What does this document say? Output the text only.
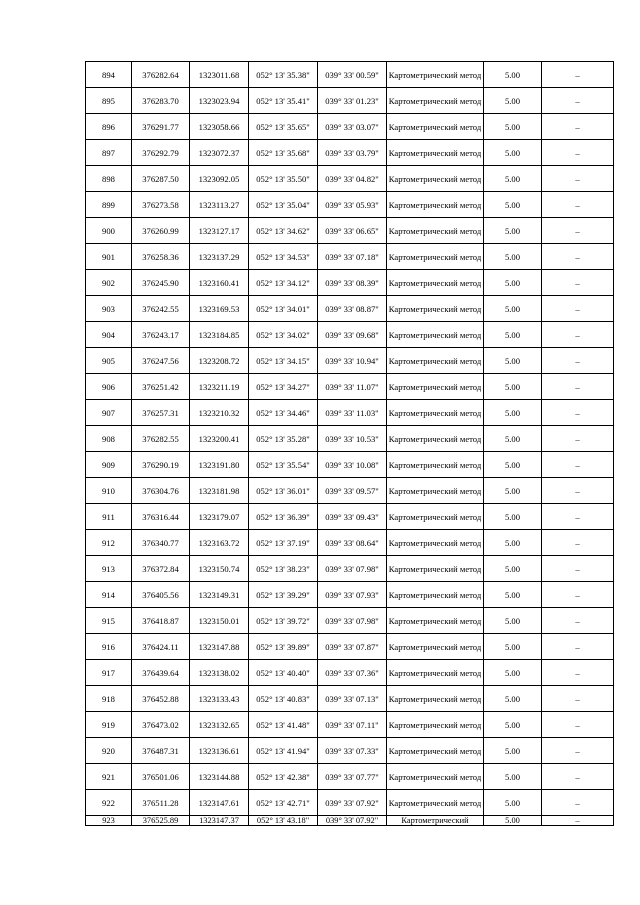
894	376282.64	1323011.68	052° 13' 35.38"	039° 33' 00.59"	Картометрический метод	5.00	–
895	376283.70	1323023.94	052° 13' 35.41"	039° 33' 01.23"	Картометрический метод	5.00	–
896	376291.77	1323058.66	052° 13' 35.65"	039° 33' 03.07"	Картометрический метод	5.00	–
897	376292.79	1323072.37	052° 13' 35.68"	039° 33' 03.79"	Картометрический метод	5.00	–
898	376287.50	1323092.05	052° 13' 35.50"	039° 33' 04.82"	Картометрический метод	5.00	–
899	376273.58	1323113.27	052° 13' 35.04"	039° 33' 05.93"	Картометрический метод	5.00	–
900	376260.99	1323127.17	052° 13' 34.62"	039° 33' 06.65"	Картометрический метод	5.00	–
901	376258.36	1323137.29	052° 13' 34.53"	039° 33' 07.18"	Картометрический метод	5.00	–
902	376245.90	1323160.41	052° 13' 34.12"	039° 33' 08.39"	Картометрический метод	5.00	–
903	376242.55	1323169.53	052° 13' 34.01"	039° 33' 08.87"	Картометрический метод	5.00	–
904	376243.17	1323184.85	052° 13' 34.02"	039° 33' 09.68"	Картометрический метод	5.00	–
905	376247.56	1323208.72	052° 13' 34.15"	039° 33' 10.94"	Картометрический метод	5.00	–
906	376251.42	1323211.19	052° 13' 34.27"	039° 33' 11.07"	Картометрический метод	5.00	–
907	376257.31	1323210.32	052° 13' 34.46"	039° 33' 11.03"	Картометрический метод	5.00	–
908	376282.55	1323200.41	052° 13' 35.28"	039° 33' 10.53"	Картометрический метод	5.00	–
909	376290.19	1323191.80	052° 13' 35.54"	039° 33' 10.08"	Картометрический метод	5.00	–
910	376304.76	1323181.98	052° 13' 36.01"	039° 33' 09.57"	Картометрический метод	5.00	–
911	376316.44	1323179.07	052° 13' 36.39"	039° 33' 09.43"	Картометрический метод	5.00	–
912	376340.77	1323163.72	052° 13' 37.19"	039° 33' 08.64"	Картометрический метод	5.00	–
913	376372.84	1323150.74	052° 13' 38.23"	039° 33' 07.98"	Картометрический метод	5.00	–
914	376405.56	1323149.31	052° 13' 39.29"	039° 33' 07.93"	Картометрический метод	5.00	–
915	376418.87	1323150.01	052° 13' 39.72"	039° 33' 07.98"	Картометрический метод	5.00	–
916	376424.11	1323147.88	052° 13' 39.89"	039° 33' 07.87"	Картометрический метод	5.00	–
917	376439.64	1323138.02	052° 13' 40.40"	039° 33' 07.36"	Картометрический метод	5.00	–
918	376452.88	1323133.43	052° 13' 40.83"	039° 33' 07.13"	Картометрический метод	5.00	–
919	376473.02	1323132.65	052° 13' 41.48"	039° 33' 07.11"	Картометрический метод	5.00	–
920	376487.31	1323136.61	052° 13' 41.94"	039° 33' 07.33"	Картометрический метод	5.00	–
921	376501.06	1323144.88	052° 13' 42.38"	039° 33' 07.77"	Картометрический метод	5.00	–
922	376511.28	1323147.61	052° 13' 42.71"	039° 33' 07.92"	Картометрический метод	5.00	–
923	376525.89	1323147.37	052° 13' 43.18"	039° 33' 07.92"	Картометрический	5.00	–
